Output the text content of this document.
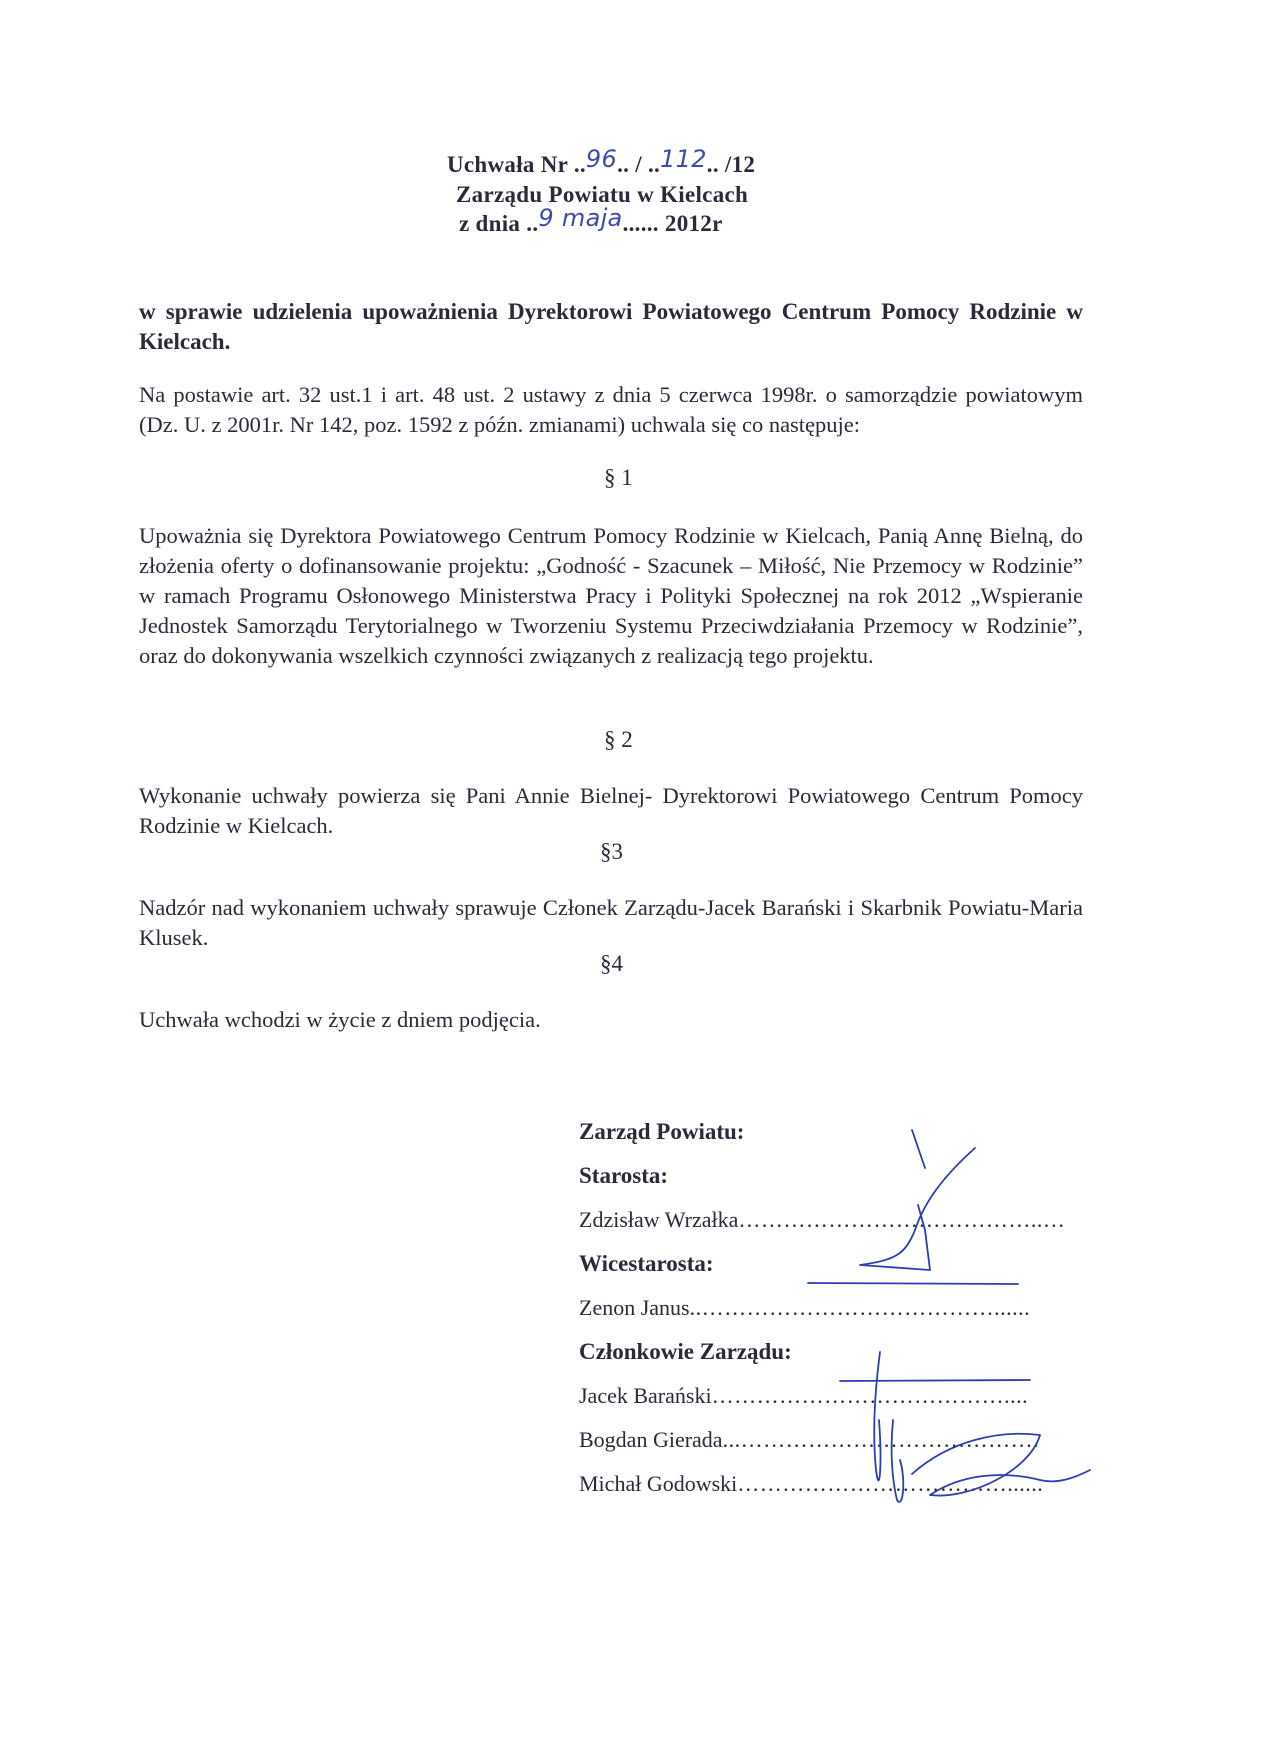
Uchwała Nr ..96.. / ..112.. /12
Zarządu Powiatu w Kielcach
z dnia ..9 maja...... 2012r
w sprawie udzielenia upoważnienia Dyrektorowi Powiatowego Centrum Pomocy Rodzinie w Kielcach.
Na postawie art. 32 ust.1 i art. 48 ust. 2 ustawy z dnia 5 czerwca 1998r. o samorządzie powiatowym (Dz. U. z 2001r. Nr 142, poz. 1592 z późn. zmianami) uchwala się co następuje:
§ 1
Upoważnia się Dyrektora Powiatowego Centrum Pomocy Rodzinie w Kielcach, Panią Annę Bielną, do złożenia oferty o dofinansowanie projektu: „Godność - Szacunek – Miłość, Nie Przemocy w Rodzinie” w ramach Programu Osłonowego Ministerstwa Pracy i Polityki Społecznej na rok 2012 „Wspieranie Jednostek Samorządu Terytorialnego w Tworzeniu Systemu Przeciwdziałania Przemocy w Rodzinie”, oraz do dokonywania wszelkich czynności związanych z realizacją tego projektu.
§ 2
Wykonanie uchwały powierza się Pani Annie Bielnej- Dyrektorowi Powiatowego Centrum Pomocy Rodzinie w Kielcach.
§3
Nadzór nad wykonaniem uchwały sprawuje Członek Zarządu-Jacek Barański i Skarbnik Powiatu-Maria Klusek.
§4
Uchwała wchodzi w życie z dniem podjęcia.
Zarząd Powiatu:
Starosta:
Zdzisław Wrzałka…………………………………..…
Wicestarosta:
Zenon Janus..…………………………………......
Członkowie Zarządu:
Jacek Barański…………………………………....
Bogdan Gierada...………………………………….
Michał Godowski………………………………......
